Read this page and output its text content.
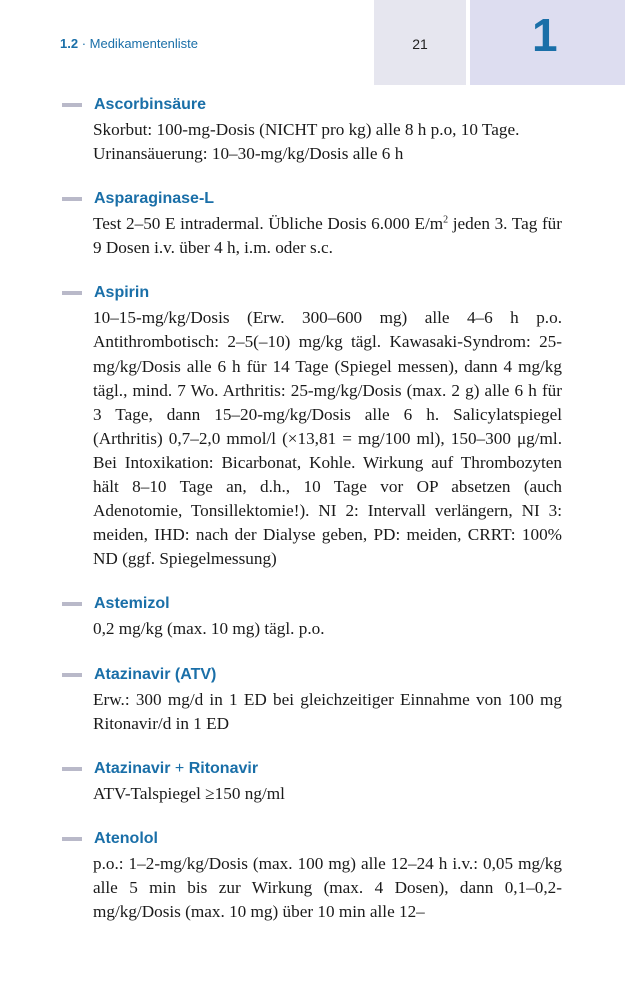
1.2 · Medikamentenliste	21	1
Ascorbinsäure

Skorbut: 100-mg-Dosis (NICHT pro kg) alle 8 h p.o, 10 Tage.

Urinansäuerung: 10–30-mg/kg/Dosis alle 6 h

Asparaginase-L
Test 2–50 E intradermal. Übliche Dosis 6.000 $E/m^2$ jeden 3. Tag für 9 Dosen i.v. über 4 h, i.m. oder s.c.
Aspirin
10–15-mg/kg/Dosis (Erw. 300–600 mg) alle 4–6 h p.o. Antithrombotisch: 2–5(–10) mg/kg tägl. Kawasaki-Syndrom: 25-mg/kg/Dosis alle 6 h für 14 Tage (Spiegel messen), dann 4 mg/kg tägl., mind. 7 Wo. Arthritis: 25-mg/kg/Dosis (max. 2 g) alle 6 h für 3 Tage, dann 15–20-mg/kg/Dosis alle 6 h. Salicylatspiegel (Arthritis) 0,7–2,0 mmol/l (×13,81 = mg/100 ml), 150–300 μg/ml. Bei Intoxikation: Bicarbonat, Kohle. Wirkung auf Thrombozyten hält 8–10 Tage an, d.h., 10 Tage vor OP absetzen (auch Adenotomie, Tonsillektomie!). NI 2: Intervall verlängern, NI 3: meiden, IHD: nach der Dialyse geben, PD: meiden, CRRT: 100% ND (ggf. Spiegelmessung)
Astemizol
0,2 mg/kg (max. 10 mg) tägl. p.o.
Atazinavir (ATV)
Erw.: 300 mg/d in 1 ED bei gleichzeitiger Einnahme von 100 mg Ritonavir/d in 1 ED
Atazinavir + Ritonavir
ATV-Talspiegel ≥150 ng/ml
Atenolol
p.o.: 1–2-mg/kg/Dosis (max. 100 mg) alle 12–24 h i.v.: 0,05 mg/kg alle 5 min bis zur Wirkung (max. 4 Dosen), dann 0,1–0,2-mg/kg/Dosis (max. 10 mg) über 10 min alle 12–
